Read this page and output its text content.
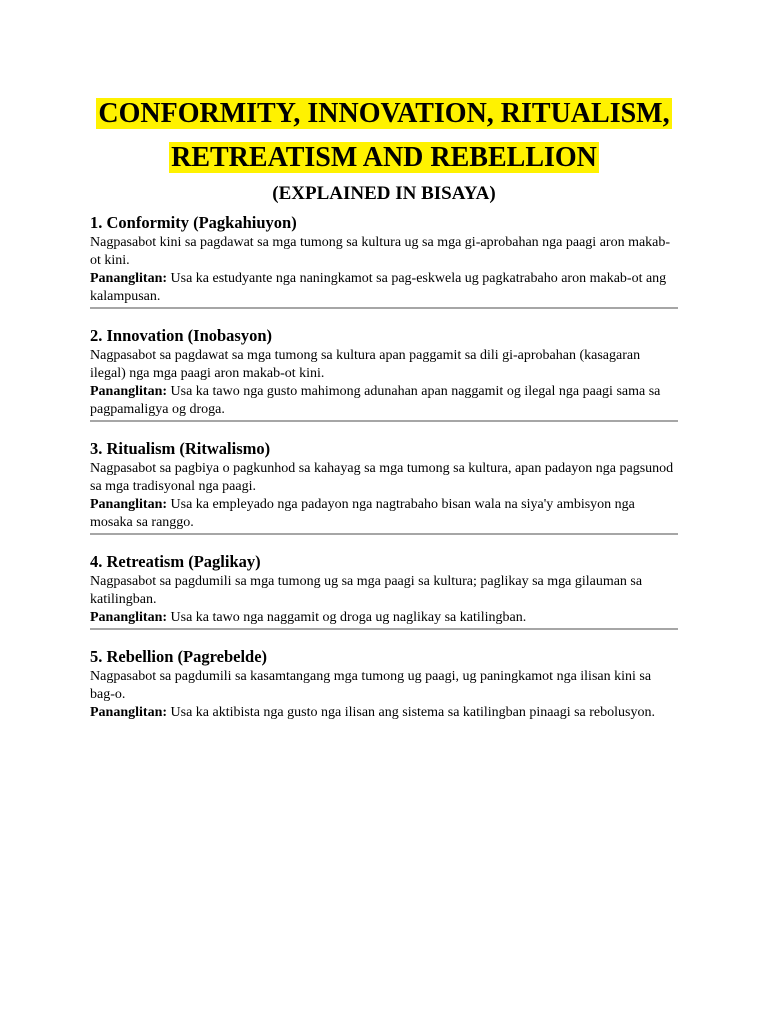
CONFORMITY, INNOVATION, RITUALISM,
RETREATISM AND REBELLION
(EXPLAINED IN BISAYA)
1. Conformity (Pagkahiuyon)

Nagpasabot kini sa pagdawat sa mga tumong sa kultura ug sa mga gi-aprobahan nga paagi aron makab-ot kini.

Pananglitan: Usa ka estudyante nga naningkamot sa pag-eskwela ug pagkatrabaho aron makab-ot ang kalampusan.

2. Innovation (Inobasyon)

Nagpasabot sa pagdawat sa mga tumong sa kultura apan paggamit sa dili gi-aprobahan (kasagaran ilegal) nga mga paagi aron makab-ot kini.

Pananglitan: Usa ka tawo nga gusto mahimong adunahan apan naggamit og ilegal nga paagi sama sa pagpamaligya og droga.

3. Ritualism (Ritwalismo)

Nagpasabot sa pagbiya o pagkunhod sa kahayag sa mga tumong sa kultura, apan padayon nga pagsunod sa mga tradisyonal nga paagi.

Pananglitan: Usa ka empleyado nga padayon nga nagtrabaho bisan wala na siya'y ambisyon nga mosaka sa ranggo.

4. Retreatism (Paglikay)

Nagpasabot sa pagdumili sa mga tumong ug sa mga paagi sa kultura; paglikay sa mga gilauman sa katilingban.

Pananglitan: Usa ka tawo nga naggamit og droga ug naglikay sa katilingban.

5. Rebellion (Pagrebelde)

Nagpasabot sa pagdumili sa kasamtangang mga tumong ug paagi, ug paningkamot nga ilisan kini sa bag-o.

Pananglitan: Usa ka aktibista nga gusto nga ilisan ang sistema sa katilingban pinaagi sa rebolusyon.
